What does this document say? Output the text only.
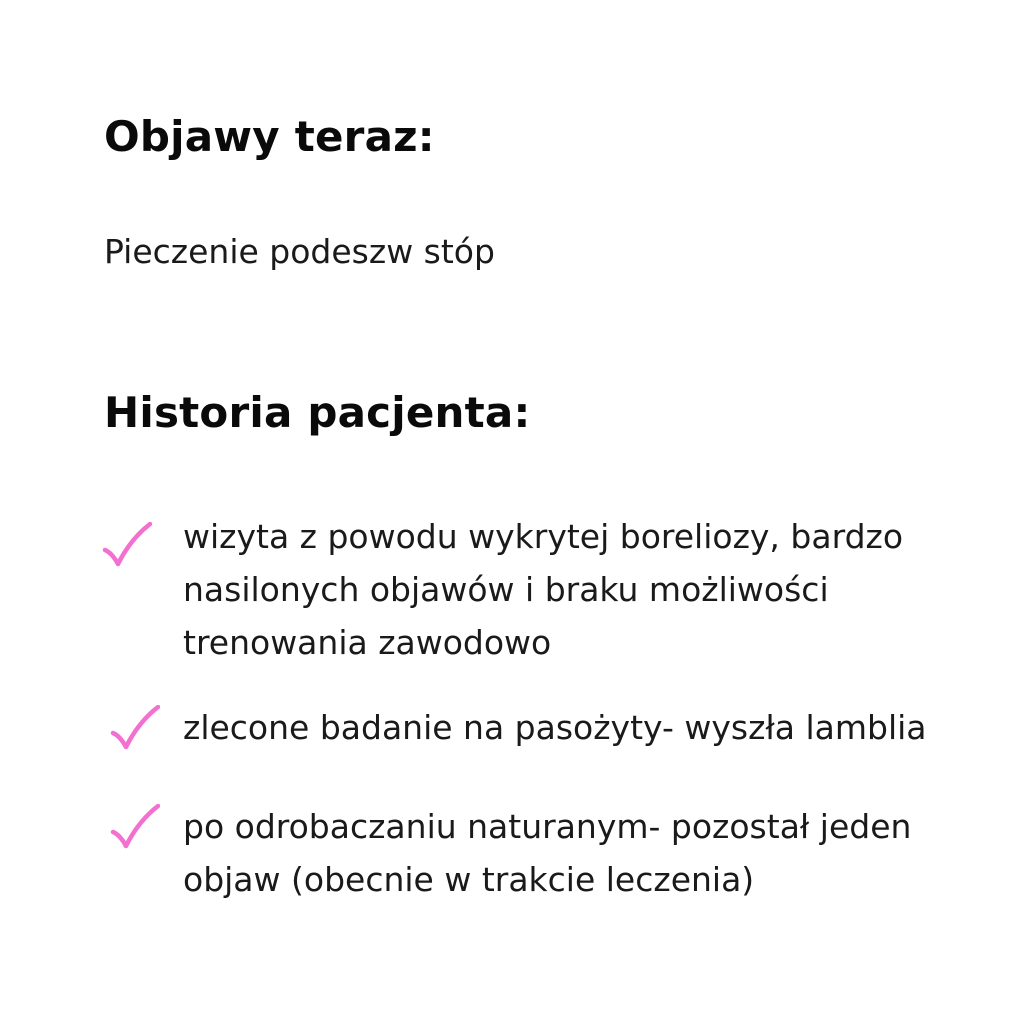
Objawy teraz:

Pieczenie podeszw stóp

Historia pacjenta:

wizyta z powodu wykrytej boreliozy, bardzo nasilonych objawów i braku możliwości trenowania zawodowo

zlecone badanie na pasożyty- wyszła lamblia

po odrobaczaniu naturanym- pozostał jeden objaw (obecnie w trakcie leczenia)
